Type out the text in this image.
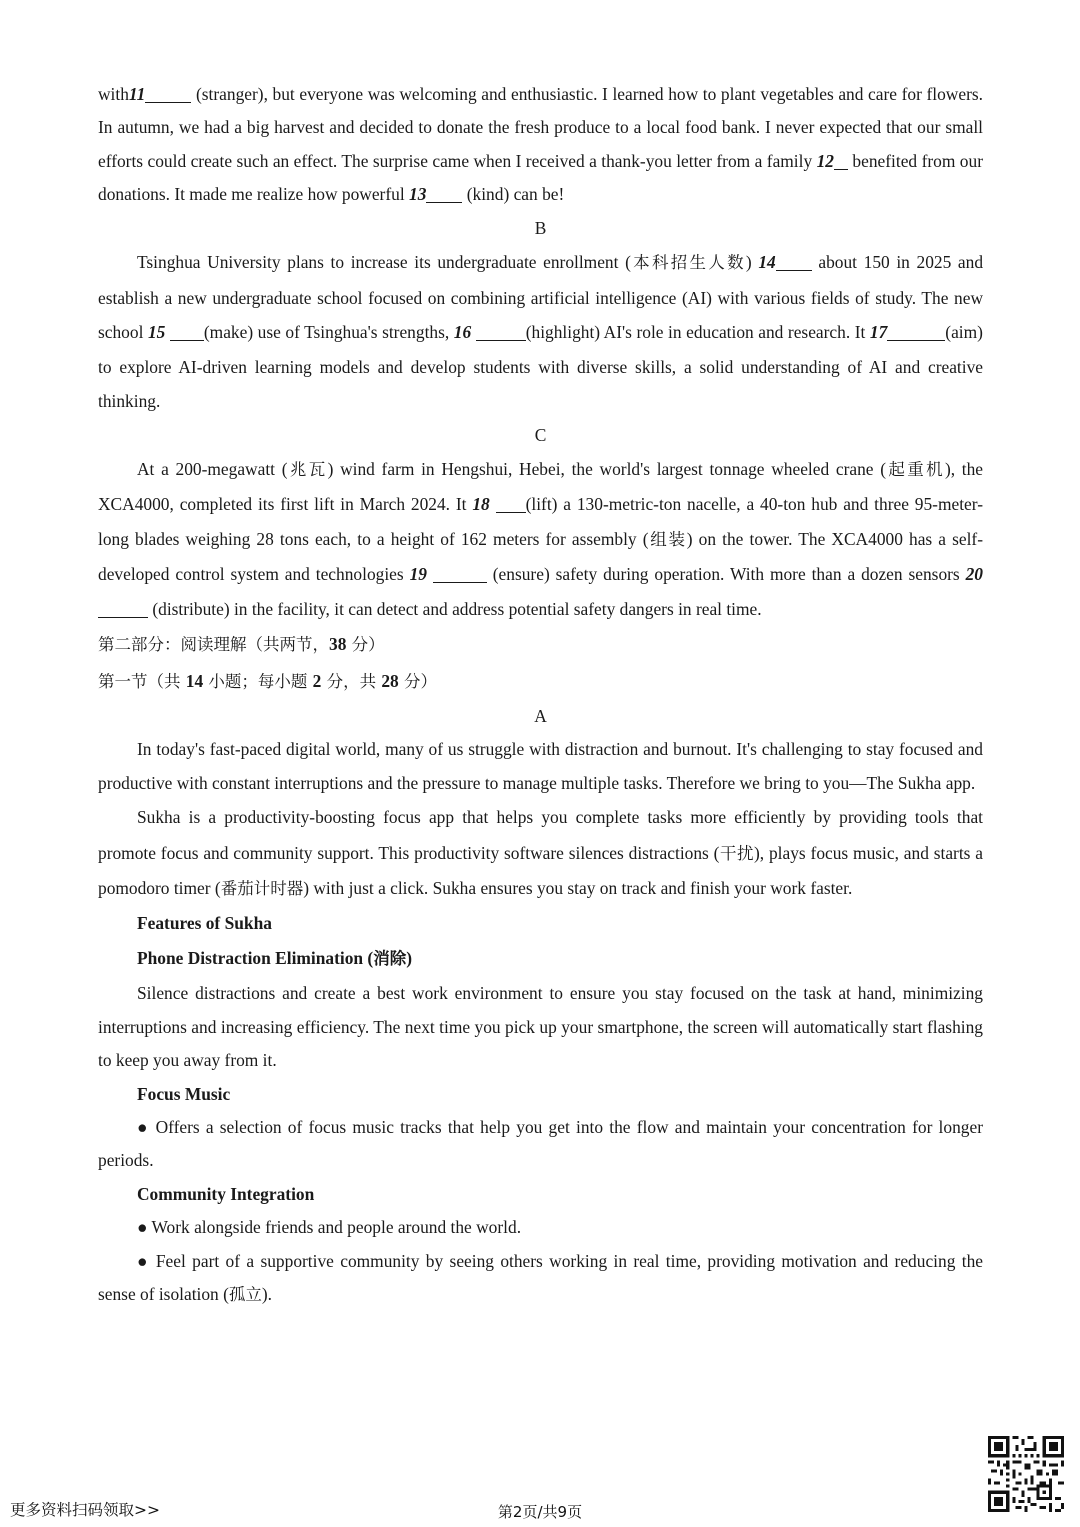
with11	(stranger), but everyone was welcoming and enthusiastic. I learned how to plant vegetables and care for flowers. In autumn, we had a big harvest and decided to donate the fresh produce to a local food bank. I never expected that our small efforts could create such an effect. The surprise came when I received a thank-you letter from a family 12 benefited from our donations. It made me realize how powerful 13 (kind) can be!

B

Tsinghua University plans to increase its undergraduate enrollment (本科招生人数) 14 about 150 in 2025 and establish a new undergraduate school focused on combining artificial intelligence (AI) with various fields of study. The new school 15 (make) use of Tsinghua's strengths, 16	(highlight) AI's role in education and research. It 17	(aim) to explore AI-driven learning models and develop students with diverse skills, a solid understanding of AI and creative thinking.

C

At a 200-megawatt (兆瓦) wind farm in Hengshui, Hebei, the world's largest tonnage wheeled crane (起重机), the XCA4000, completed its first lift in March 2024. It 18 (lift) a 130-metric-ton nacelle, a 40-ton hub and three 95-meter-long blades weighing 28 tons each, to a height of 162 meters for assembly (组装) on the tower. The XCA4000 has a self-developed control system and technologies 19	(ensure) safety during operation. With more than a dozen sensors 20  (distribute) in the facility, it can detect and address potential safety dangers in real time.

第二部分：阅读理解（共两节，38 分）

第一节（共 14 小题；每小题 2 分，共 28 分）

A

In today's fast-paced digital world, many of us struggle with distraction and burnout. It's challenging to stay focused and productive with constant interruptions and the pressure to manage multiple tasks. Therefore we bring to you—The Sukha app.

Sukha is a productivity-boosting focus app that helps you complete tasks more efficiently by providing tools that promote focus and community support. This productivity software silences distractions (干扰), plays focus music, and starts a pomodoro timer (番茄计时器) with just a click. Sukha ensures you stay on track and finish your work faster.

Features of Sukha

Phone Distraction Elimination (消除)

Silence distractions and create a best work environment to ensure you stay focused on the task at hand, minimizing interruptions and increasing efficiency. The next time you pick up your smartphone, the screen will automatically start flashing to keep you away from it.

Focus Music

● Offers a selection of focus music tracks that help you get into the flow and maintain your concentration for longer periods.

Community Integration

● Work alongside friends and people around the world.

● Feel part of a supportive community by seeing others working in real time, providing motivation and reducing the sense of isolation (孤立).

更多资料扫码领取>>	第2页/共9页
